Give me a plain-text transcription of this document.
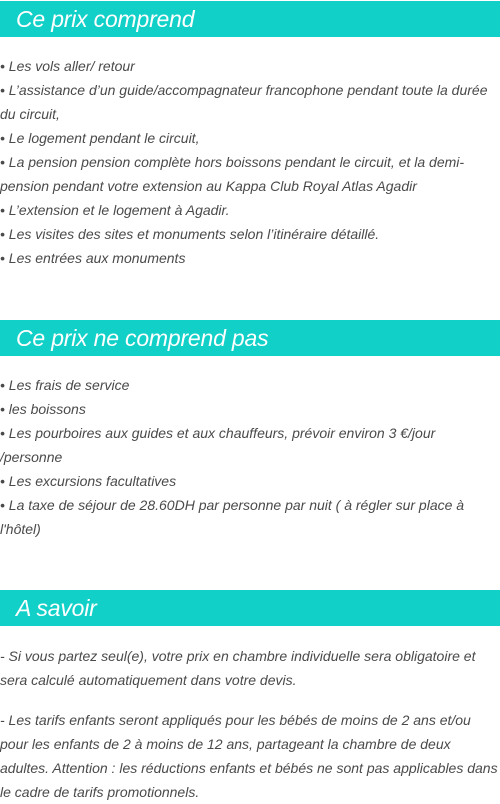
Ce prix comprend
• Les vols aller/ retour
• L’assistance d’un guide/accompagnateur francophone pendant toute la durée du circuit,
• Le logement pendant le circuit,
• La pension pension complète hors boissons pendant le circuit, et la demi-pension pendant votre extension au Kappa Club Royal Atlas Agadir
• L’extension et le logement à Agadir.
• Les visites des sites et monuments selon l’itinéraire détaillé.
• Les entrées aux monuments
Ce prix ne comprend pas
• Les frais de service
• les boissons
• Les pourboires aux guides et aux chauffeurs, prévoir environ 3 €/jour /personne
• Les excursions facultatives
• La taxe de séjour de 28.60DH par personne par nuit ( à régler sur place à l'hôtel)
A savoir

- Si vous partez seul(e), votre prix en chambre individuelle sera obligatoire et sera calculé automatiquement dans votre devis.

- Les tarifs enfants seront appliqués pour les bébés de moins de 2 ans et/ou pour les enfants de 2 à moins de 12 ans, partageant la chambre de deux adultes. Attention : les réductions enfants et bébés ne sont pas applicables dans le cadre de tarifs promotionnels.
